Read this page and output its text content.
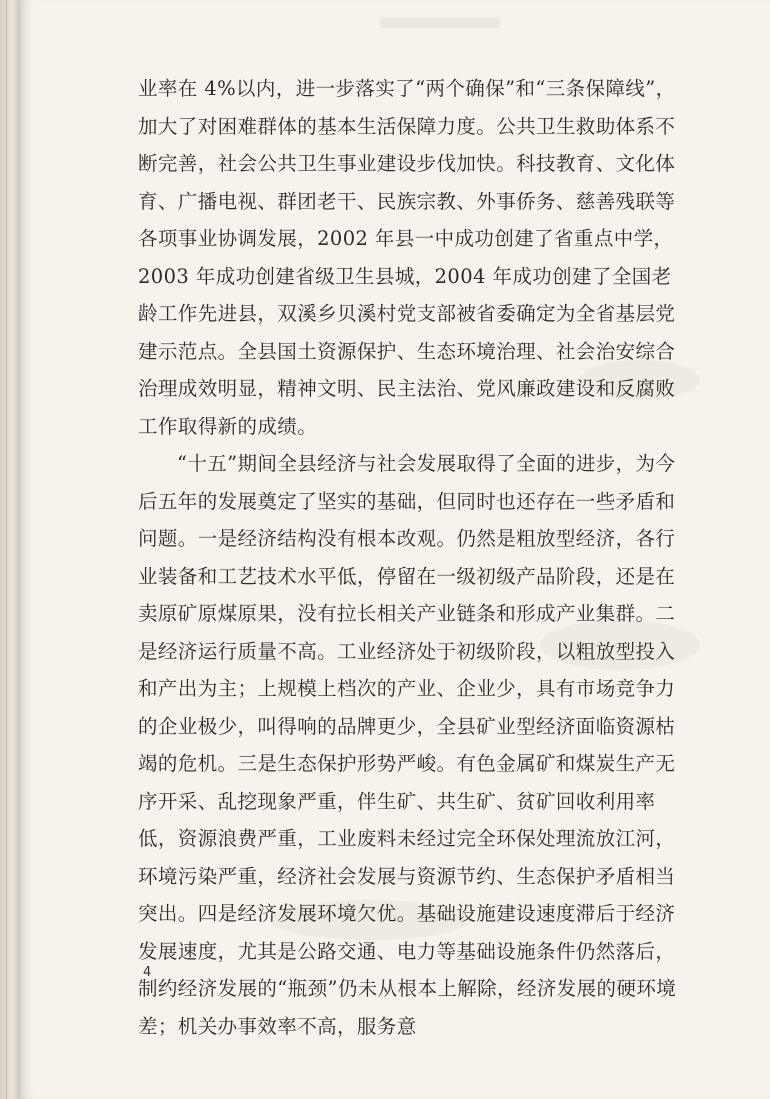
业率在 4%以内，进一步落实了“两个确保”和“三条保障线”，加大了对困难群体的基本生活保障力度。公共卫生救助体系不断完善，社会公共卫生事业建设步伐加快。科技教育、文化体育、广播电视、群团老干、民族宗教、外事侨务、慈善残联等各项事业协调发展，2002 年县一中成功创建了省重点中学，2003 年成功创建省级卫生县城，2004 年成功创建了全国老龄工作先进县，双溪乡贝溪村党支部被省委确定为全省基层党建示范点。全县国土资源保护、生态环境治理、社会治安综合治理成效明显，精神文明、民主法治、党风廉政建设和反腐败工作取得新的成绩。

“十五”期间全县经济与社会发展取得了全面的进步，为今后五年的发展奠定了坚实的基础，但同时也还存在一些矛盾和问题。一是经济结构没有根本改观。仍然是粗放型经济，各行业装备和工艺技术水平低，停留在一级初级产品阶段，还是在卖原矿原煤原果，没有拉长相关产业链条和形成产业集群。二是经济运行质量不高。工业经济处于初级阶段，以粗放型投入和产出为主；上规模上档次的产业、企业少，具有市场竞争力的企业极少，叫得响的品牌更少，全县矿业型经济面临资源枯竭的危机。三是生态保护形势严峻。有色金属矿和煤炭生产无序开采、乱挖现象严重，伴生矿、共生矿、贫矿回收利用率低，资源浪费严重，工业废料未经过完全环保处理流放江河，环境污染严重，经济社会发展与资源节约、生态保护矛盾相当突出。四是经济发展环境欠优。基础设施建设速度滞后于经济发展速度，尤其是公路交通、电力等基础设施条件仍然落后，制约经济发展的“瓶颈”仍未从根本上解除，经济发展的硬环境差；机关办事效率不高，服务意

4
